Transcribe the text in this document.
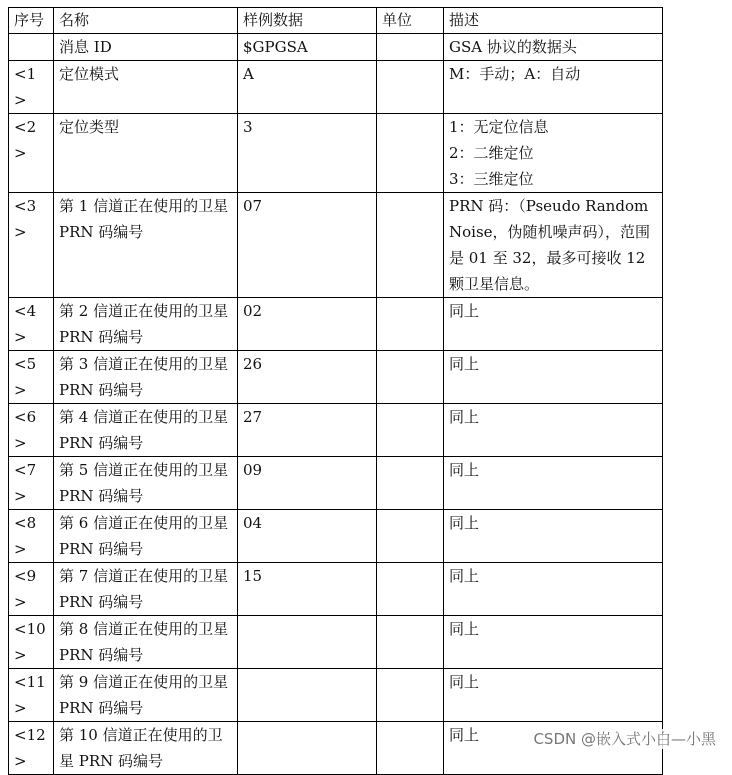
序号	名称	样例数据	单位	描述
	消息 ID	$GPGSA		GSA 协议的数据头

<1>	定位模式	A		M：手动；A：自动

<2>	定位类型	3		1：无定位信息
2：二维定位
3：三维定位

<3>	第 1 信道正在使用的卫星 PRN 码编号	07		PRN 码：（Pseudo Random Noise，伪随机噪声码），范围是 01 至 32，最多可接收 12 颗卫星信息。

<4>	第 2 信道正在使用的卫星 PRN 码编号	02		同上

<5>	第 3 信道正在使用的卫星 PRN 码编号	26		同上

<6>	第 4 信道正在使用的卫星 PRN 码编号	27		同上

<7>	第 5 信道正在使用的卫星 PRN 码编号	09		同上

<8>	第 6 信道正在使用的卫星 PRN 码编号	04		同上

<9>	第 7 信道正在使用的卫星 PRN 码编号	15		同上

<10>	第 8 信道正在使用的卫星 PRN 码编号			同上

<11>	第 9 信道正在使用的卫星 PRN 码编号			同上

<12>	第 10 信道正在使用的卫星 PRN 码编号			同上	CSDN @嵌入式小白—小黑
